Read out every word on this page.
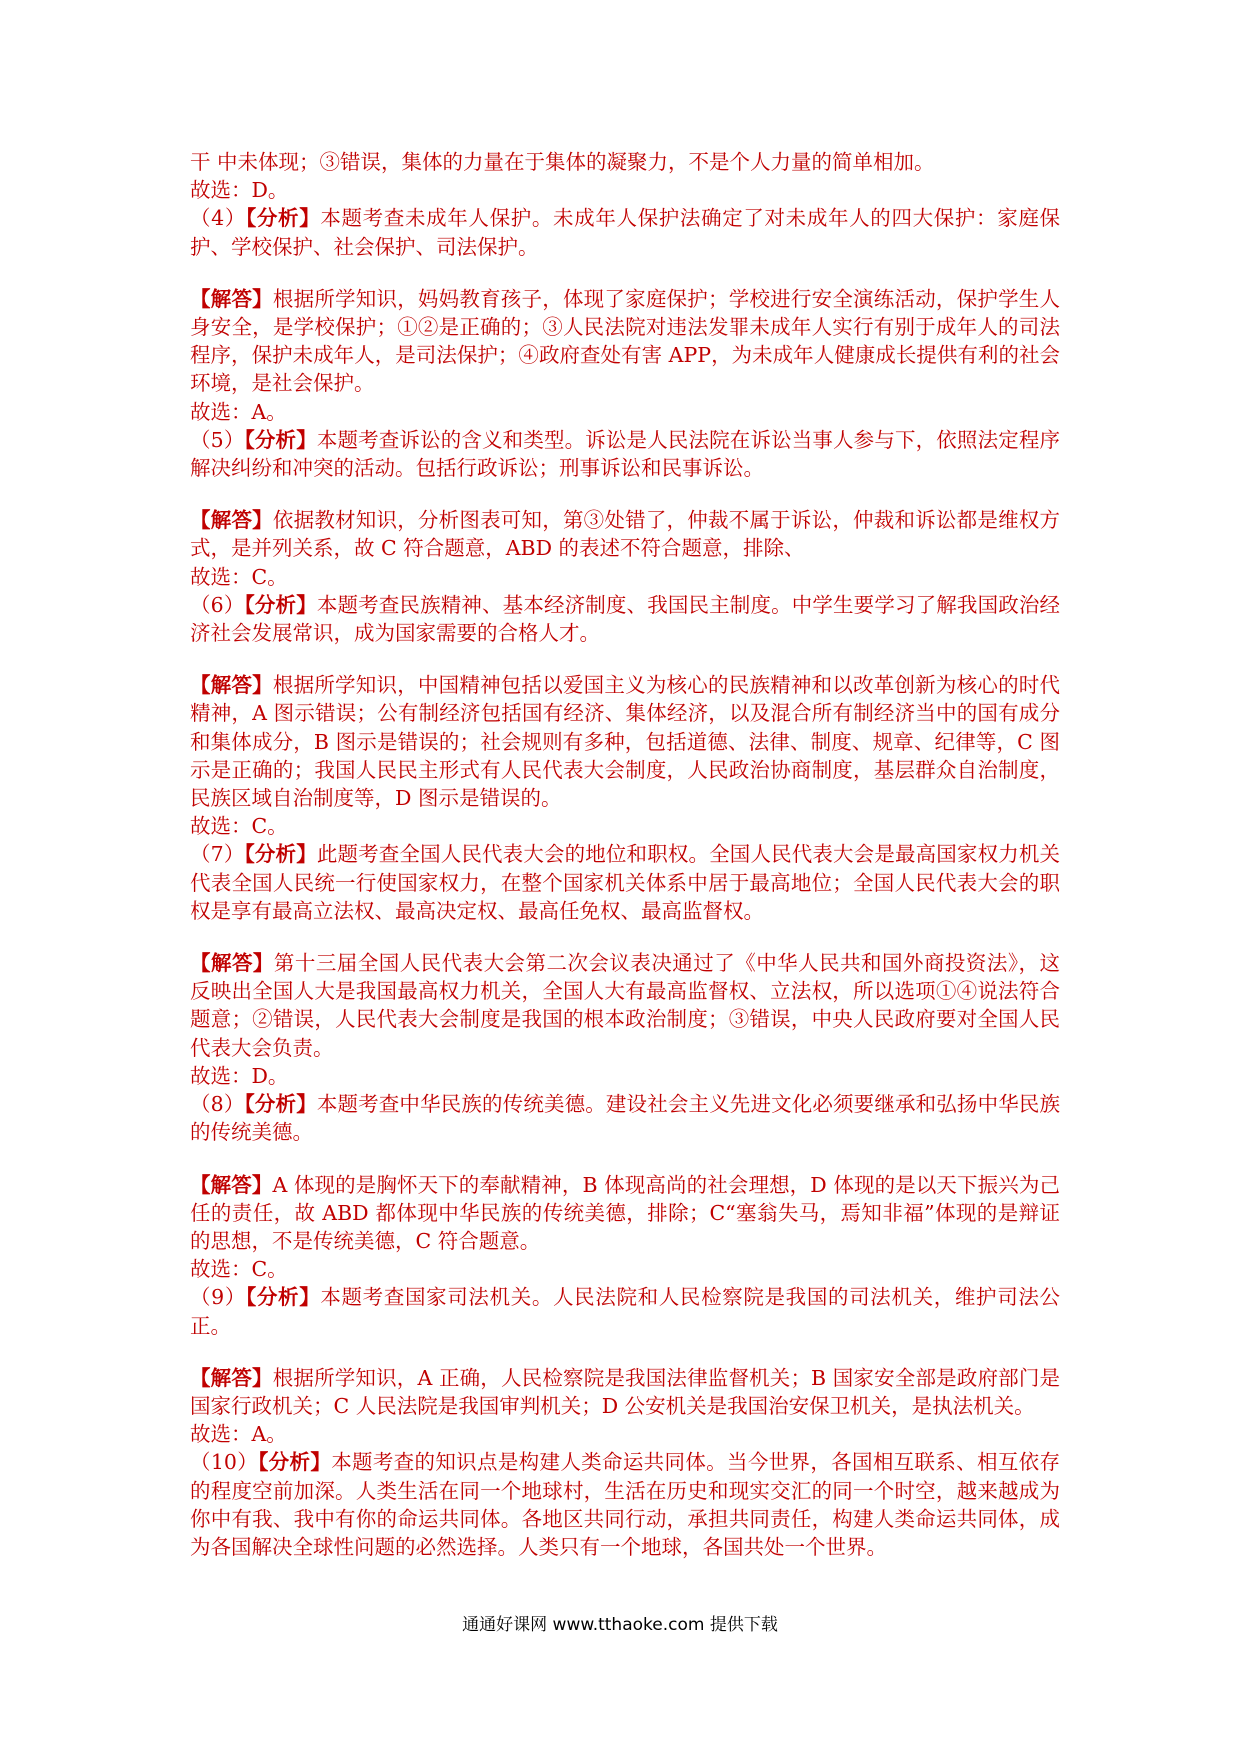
干 中未体现；③错误，集体的力量在于集体的凝聚力，不是个人力量的简单相加。

故选：D。

（4）【分析】本题考查未成年人保护。未成年人保护法确定了对未成年人的四大保护：家庭保护、学校保护、社会保护、司法保护。

【解答】根据所学知识，妈妈教育孩子，体现了家庭保护；学校进行安全演练活动，保护学生人身安全，是学校保护；①②是正确的；③人民法院对违法发罪未成年人实行有别于成年人的司法程序，保护未成年人，是司法保护；④政府查处有害 APP，为未成年人健康成长提供有利的社会环境，是社会保护。

故选：A。

（5）【分析】本题考查诉讼的含义和类型。诉讼是人民法院在诉讼当事人参与下，依照法定程序解决纠纷和冲突的活动。包括行政诉讼；刑事诉讼和民事诉讼。

【解答】依据教材知识，分析图表可知，第③处错了，仲裁不属于诉讼，仲裁和诉讼都是维权方式，是并列关系，故 C 符合题意，ABD 的表述不符合题意，排除、

故选：C。

（6）【分析】本题考查民族精神、基本经济制度、我国民主制度。中学生要学习了解我国政治经济社会发展常识，成为国家需要的合格人才。

【解答】根据所学知识，中国精神包括以爱国主义为核心的民族精神和以改革创新为核心的时代精神，A 图示错误；公有制经济包括国有经济、集体经济，以及混合所有制经济当中的国有成分和集体成分，B 图示是错误的；社会规则有多种，包括道德、法律、制度、规章、纪律等，C 图示是正确的；我国人民民主形式有人民代表大会制度，人民政治协商制度，基层群众自治制度，民族区域自治制度等，D 图示是错误的。

故选：C。

（7）【分析】此题考查全国人民代表大会的地位和职权。全国人民代表大会是最高国家权力机关代表全国人民统一行使国家权力，在整个国家机关体系中居于最高地位；全国人民代表大会的职权是享有最高立法权、最高决定权、最高任免权、最高监督权。

【解答】第十三届全国人民代表大会第二次会议表决通过了《中华人民共和国外商投资法》，这反映出全国人大是我国最高权力机关，全国人大有最高监督权、立法权，所以选项①④说法符合题意；②错误，人民代表大会制度是我国的根本政治制度；③错误，中央人民政府要对全国人民代表大会负责。

故选：D。

（8）【分析】本题考查中华民族的传统美德。建设社会主义先进文化必须要继承和弘扬中华民族的传统美德。

【解答】A 体现的是胸怀天下的奉献精神，B 体现高尚的社会理想，D 体现的是以天下振兴为己任的责任，故 ABD 都体现中华民族的传统美德，排除；C“塞翁失马，焉知非福”体现的是辩证的思想，不是传统美德，C 符合题意。

故选：C。

（9）【分析】本题考查国家司法机关。人民法院和人民检察院是我国的司法机关，维护司法公正。

【解答】根据所学知识，A 正确，人民检察院是我国法律监督机关；B 国家安全部是政府部门是国家行政机关；C 人民法院是我国审判机关；D 公安机关是我国治安保卫机关，是执法机关。

故选：A。

（10）【分析】本题考查的知识点是构建人类命运共同体。当今世界，各国相互联系、相互依存的程度空前加深。人类生活在同一个地球村，生活在历史和现实交汇的同一个时空，越来越成为你中有我、我中有你的命运共同体。各地区共同行动，承担共同责任，构建人类命运共同体，成为各国解决全球性问题的必然选择。人类只有一个地球，各国共处一个世界。

通通好课网 www.tthaoke.com 提供下载
